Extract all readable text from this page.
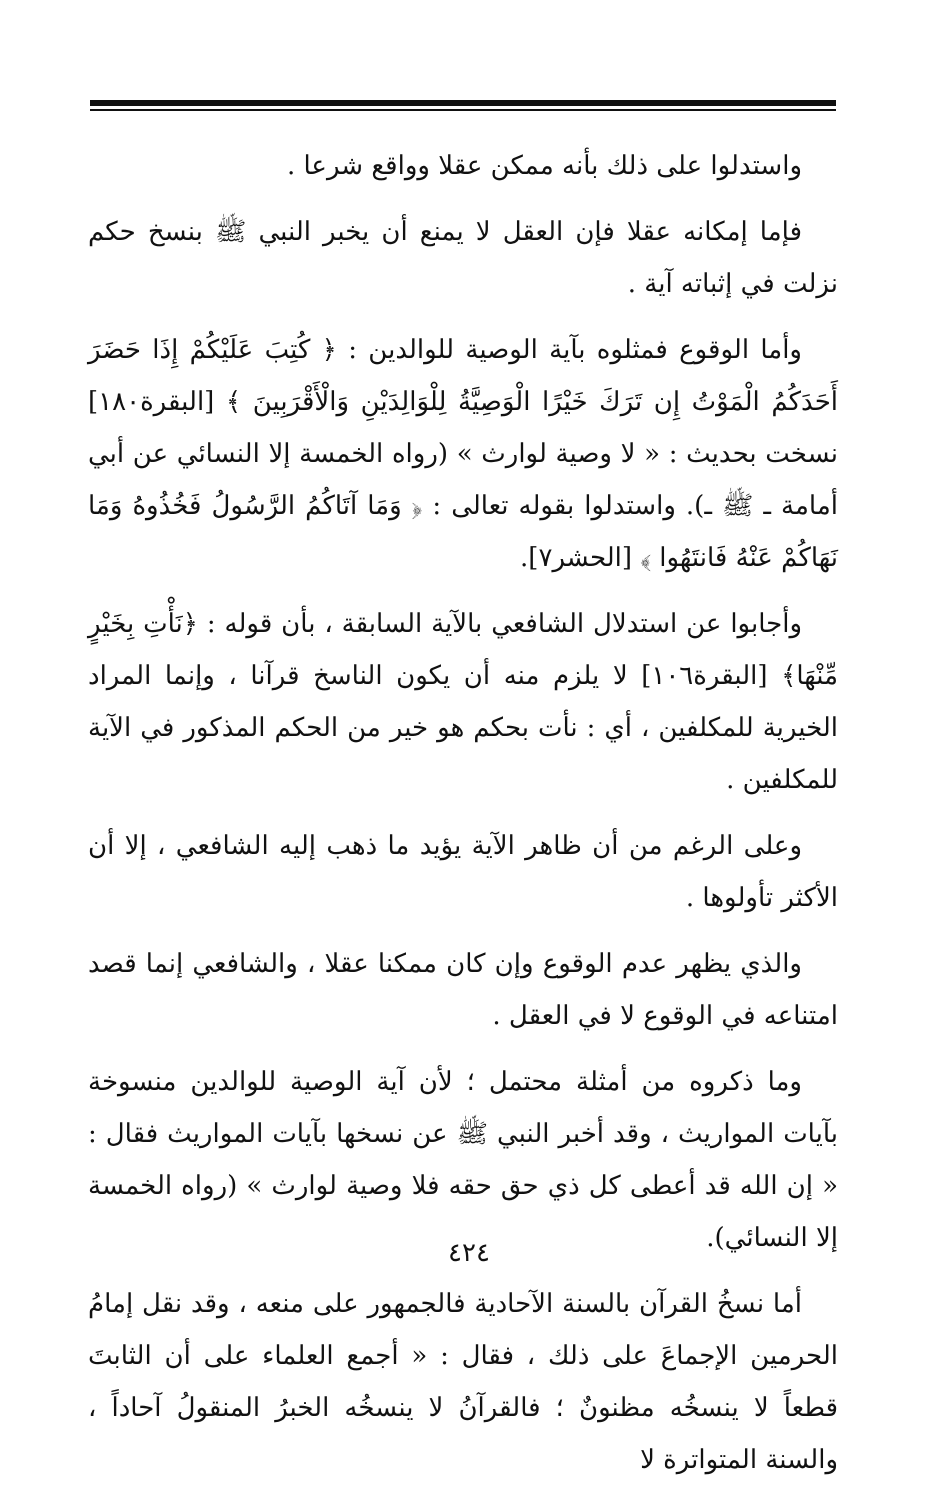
واستدلوا على ذلك بأنه ممكن عقلا وواقع شرعا .

فإما إمكانه عقلا فإن العقل لا يمنع أن يخبر النبي ﷺ بنسخ حكم نزلت في إثباته آية .

وأما الوقوع فمثلوه بآية الوصية للوالدين : ﴿ كُتِبَ عَلَيْكُمْ إِذَا حَضَرَ أَحَدَكُمُ الْمَوْتُ إِن تَرَكَ خَيْرًا الْوَصِيَّةُ لِلْوَالِدَيْنِ وَالْأَقْرَبِينَ ﴾ [البقرة١٨٠] نسخت بحديث : « لا وصية لوارث » (رواه الخمسة إلا النسائي عن أبي أمامة ـ ﷺ ـ). واستدلوا بقوله تعالى : ﴿ وَمَا آتَاكُمُ الرَّسُولُ فَخُذُوهُ وَمَا نَهَاكُمْ عَنْهُ فَانتَهُوا ﴾ [الحشر٧].

وأجابوا عن استدلال الشافعي بالآية السابقة ، بأن قوله : ﴿نَأْتِ بِخَيْرٍ مِّنْهَا﴾ [البقرة١٠٦] لا يلزم منه أن يكون الناسخ قرآنا ، وإنما المراد الخيرية للمكلفين ، أي : نأت بحكم هو خير من الحكم المذكور في الآية للمكلفين .

وعلى الرغم من أن ظاهر الآية يؤيد ما ذهب إليه الشافعي ، إلا أن الأكثر تأولوها .

والذي يظهر عدم الوقوع وإن كان ممكنا عقلا ، والشافعي إنما قصد امتناعه في الوقوع لا في العقل .

وما ذكروه من أمثلة محتمل ؛ لأن آية الوصية للوالدين منسوخة بآيات المواريث ، وقد أخبر النبي ﷺ عن نسخها بآيات المواريث فقال : « إن الله قد أعطى كل ذي حق حقه فلا وصية لوارث » (رواه الخمسة إلا النسائي).

أما نسخُ القرآن بالسنة الآحادية فالجمهور على منعه ، وقد نقل إمامُ الحرمين الإجماعَ على ذلك ، فقال : « أجمع العلماء على أن الثابتَ قطعاً لا ينسخُه مظنونٌ ؛ فالقرآنُ لا ينسخُه الخبرُ المنقولُ آحاداً ، والسنة المتواترة لا

٤٢٤
